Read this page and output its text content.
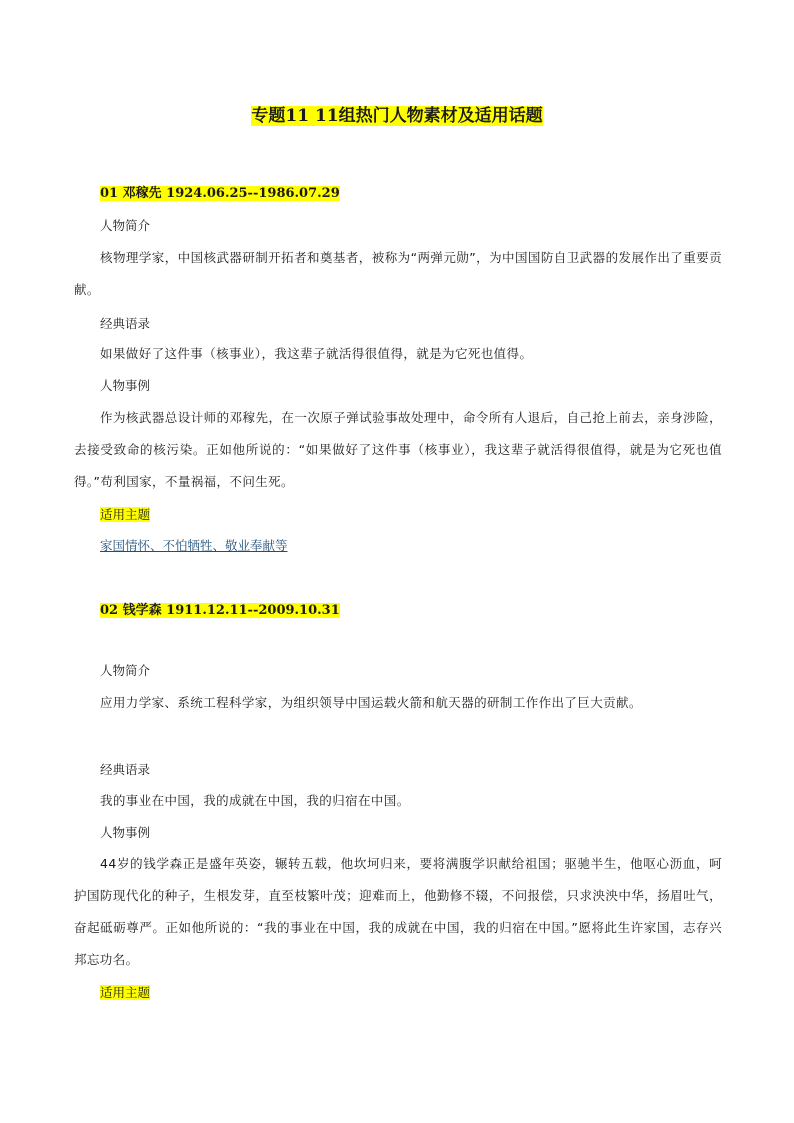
专题11 11组热门人物素材及适用话题
01 邓稼先 1924.06.25--1986.07.29
人物简介
核物理学家，中国核武器研制开拓者和奠基者，被称为“两弹元勋”，为中国国防自卫武器的发展作出了重要贡献。
经典语录
如果做好了这件事（核事业），我这辈子就活得很值得，就是为它死也值得。
人物事例
作为核武器总设计师的邓稼先，在一次原子弹试验事故处理中，命令所有人退后，自己抢上前去，亲身涉险，去接受致命的核污染。正如他所说的：“如果做好了这件事（核事业），我这辈子就活得很值得，就是为它死也值得。”苟利国家，不量祸福，不问生死。
适用主题
家国情怀、不怕牺牲、敬业奉献等
02 钱学森 1911.12.11--2009.10.31
人物简介
应用力学家、系统工程科学家，为组织领导中国运载火箭和航天器的研制工作作出了巨大贡献。
经典语录
我的事业在中国，我的成就在中国，我的归宿在中国。
人物事例
44岁的钱学森正是盛年英姿，辗转五载，他坎坷归来，要将满腹学识献给祖国；驱驰半生，他呕心沥血，呵护国防现代化的种子，生根发芽，直至枝繁叶茂；迎难而上，他勤修不辍，不问报偿，只求泱泱中华，扬眉吐气，奋起砥砺尊严。正如他所说的：“我的事业在中国，我的成就在中国，我的归宿在中国。”愿将此生许家国，志存兴邦忘功名。
适用主题
